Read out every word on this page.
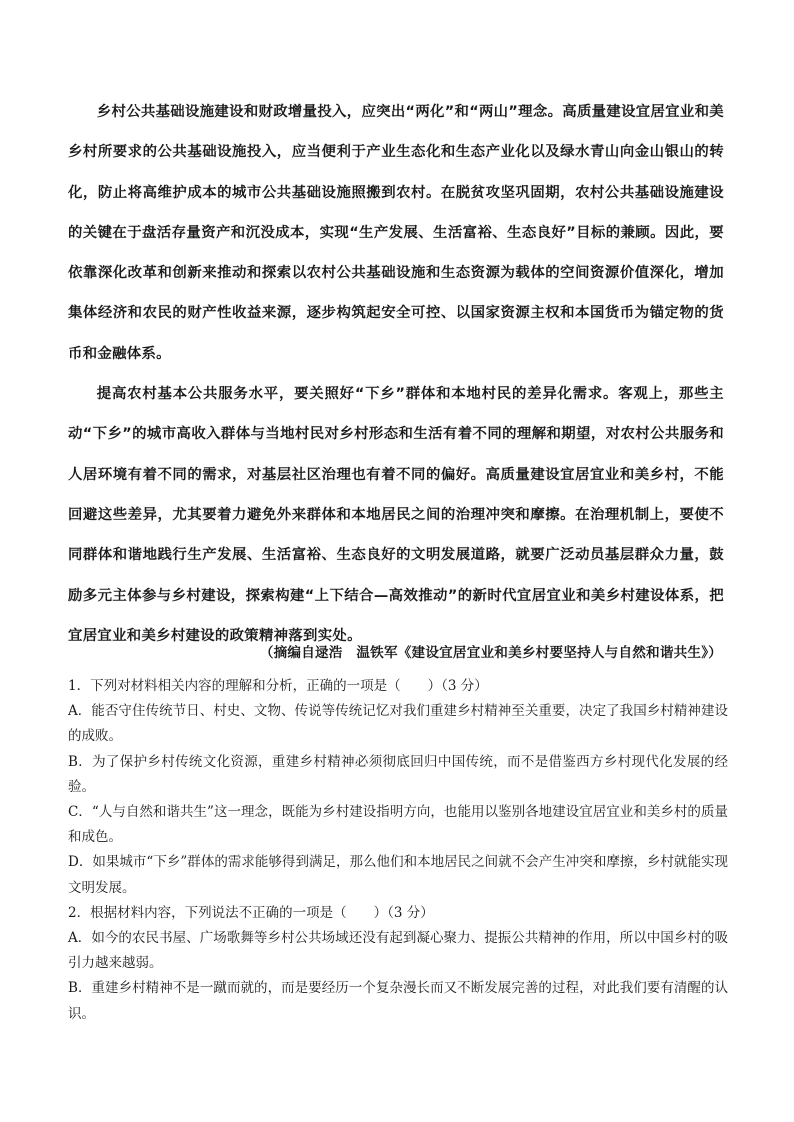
乡村公共基础设施建设和财政增量投入，应突出“两化”和“两山”理念。高质量建设宜居宜业和美乡村所要求的公共基础设施投入，应当便利于产业生态化和生态产业化以及绿水青山向金山银山的转化，防止将高维护成本的城市公共基础设施照搬到农村。在脱贫攻坚巩固期，农村公共基础设施建设的关键在于盘活存量资产和沉没成本，实现“生产发展、生活富裕、生态良好”目标的兼顾。因此，要依靠深化改革和创新来推动和探索以农村公共基础设施和生态资源为载体的空间资源价值深化，增加集体经济和农民的财产性收益来源，逐步构筑起安全可控、以国家资源主权和本国货币为锚定物的货币和金融体系。

提高农村基本公共服务水平，要关照好“下乡”群体和本地村民的差异化需求。客观上，那些主动“下乡”的城市高收入群体与当地村民对乡村形态和生活有着不同的理解和期望，对农村公共服务和人居环境有着不同的需求，对基层社区治理也有着不同的偏好。高质量建设宜居宜业和美乡村，不能回避这些差异，尤其要着力避免外来群体和本地居民之间的治理冲突和摩擦。在治理机制上，要使不同群体和谐地践行生产发展、生活富裕、生态良好的文明发展道路，就要广泛动员基层群众力量，鼓励多元主体参与乡村建设，探索构建“上下结合—高效推动”的新时代宜居宜业和美乡村建设体系，把宜居宜业和美乡村建设的政策精神落到实处。

（摘编自逯浩　温铁军《建设宜居宜业和美乡村要坚持人与自然和谐共生》）

1．下列对材料相关内容的理解和分析，正确的一项是（　　）（3 分）

A．能否守住传统节日、村史、文物、传说等传统记忆对我们重建乡村精神至关重要，决定了我国乡村精神建设的成败。

B．为了保护乡村传统文化资源，重建乡村精神必须彻底回归中国传统，而不是借鉴西方乡村现代化发展的经验。

C．“人与自然和谐共生”这一理念，既能为乡村建设指明方向，也能用以鉴别各地建设宜居宜业和美乡村的质量和成色。

D．如果城市“下乡”群体的需求能够得到满足，那么他们和本地居民之间就不会产生冲突和摩擦，乡村就能实现文明发展。

2．根据材料内容，下列说法不正确的一项是（　　）（3 分）

A．如今的农民书屋、广场歌舞等乡村公共场域还没有起到凝心聚力、提振公共精神的作用，所以中国乡村的吸引力越来越弱。

B．重建乡村精神不是一蹴而就的，而是要经历一个复杂漫长而又不断发展完善的过程，对此我们要有清醒的认识。
